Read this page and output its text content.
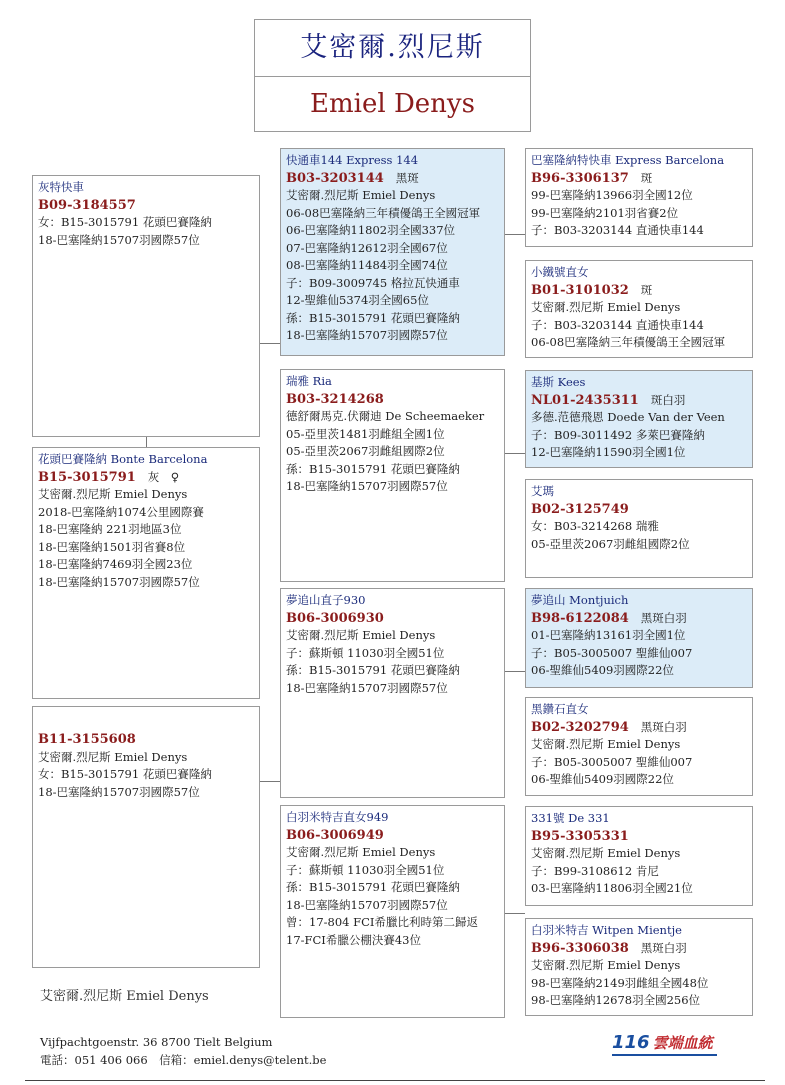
艾密爾.烈尼斯
Emiel Denys
灰特快車
B09-3184557
女：B15-3015791 花頭巴賽隆納
18-巴塞隆納15707羽國際57位
花頭巴賽隆納 Bonte Barcelona
B15-3015791 灰　♀
艾密爾.烈尼斯 Emiel Denys
2018-巴塞隆納1074公里國際賽
18-巴塞隆納 221羽地區3位
18-巴塞隆納1501羽省賽8位
18-巴塞隆納7469羽全國23位
18-巴塞隆納15707羽國際57位
B11-3155608
艾密爾.烈尼斯 Emiel Denys
女：B15-3015791 花頭巴賽隆納
18-巴塞隆納15707羽國際57位
快通車144 Express 144
B03-3203144 黑斑
艾密爾.烈尼斯 Emiel Denys
06-08巴塞隆納三年積優鴿王全國冠軍
06-巴塞隆納11802羽全國337位
07-巴塞隆納12612羽全國67位
08-巴塞隆納11484羽全國74位
子：B09-3009745 格拉瓦快通車
12-聖維仙5374羽全國65位
孫：B15-3015791 花頭巴賽隆納
18-巴塞隆納15707羽國際57位
瑞雅 Ria
B03-3214268
德舒爾馬克.伏爾迪 De Scheemaeker
05-亞里茨1481羽雌組全國1位
05-亞里茨2067羽雌組國際2位
孫：B15-3015791 花頭巴賽隆納
18-巴塞隆納15707羽國際57位
夢追山直子930
B06-3006930
艾密爾.烈尼斯 Emiel Denys
子：蘇斯頓 11030羽全國51位
孫：B15-3015791 花頭巴賽隆納
18-巴塞隆納15707羽國際57位
白羽米特吉直女949
B06-3006949
艾密爾.烈尼斯 Emiel Denys
子：蘇斯頓 11030羽全國51位
孫：B15-3015791 花頭巴賽隆納
18-巴塞隆納15707羽國際57位
曾：17-804 FCI希臘比利時第二歸返
17-FCI希臘公棚決賽43位
巴塞隆納特快車 Express Barcelona
B96-3306137 斑
99-巴塞隆納13966羽全國12位
99-巴塞隆納2101羽省賽2位
子：B03-3203144 直通快車144
小鐵號直女
B01-3101032 斑
艾密爾.烈尼斯 Emiel Denys
子：B03-3203144 直通快車144
06-08巴塞隆納三年積優鴿王全國冠軍
基斯 Kees
NL01-2435311 斑白羽
多德.范德飛恩 Doede Van der Veen
子：B09-3011492 多萊巴賽隆納
12-巴塞隆納11590羽全國1位
艾瑪
B02-3125749
女：B03-3214268 瑞雅
05-亞里茨2067羽雌組國際2位
夢追山 Montjuich
B98-6122084 黑斑白羽
01-巴塞隆納13161羽全國1位
子：B05-3005007 聖維仙007
06-聖維仙5409羽國際22位
黑鑽石直女
B02-3202794 黑斑白羽
艾密爾.烈尼斯 Emiel Denys
子：B05-3005007 聖維仙007
06-聖維仙5409羽國際22位
331號 De 331
B95-3305331
艾密爾.烈尼斯 Emiel Denys
子：B99-3108612 肯尼
03-巴塞隆納11806羽全國21位
白羽米特吉 Witpen Mientje
B96-3306038 黑斑白羽
艾密爾.烈尼斯 Emiel Denys
98-巴塞隆納2149羽雌組全國48位
98-巴塞隆納12678羽全國256位
艾密爾.烈尼斯 Emiel Denys
Vijfpachtgoenstr. 36 8700 Tielt Belgium
電話：051 406 066　信箱：emiel.denys@telent.be
116 雲端血統
